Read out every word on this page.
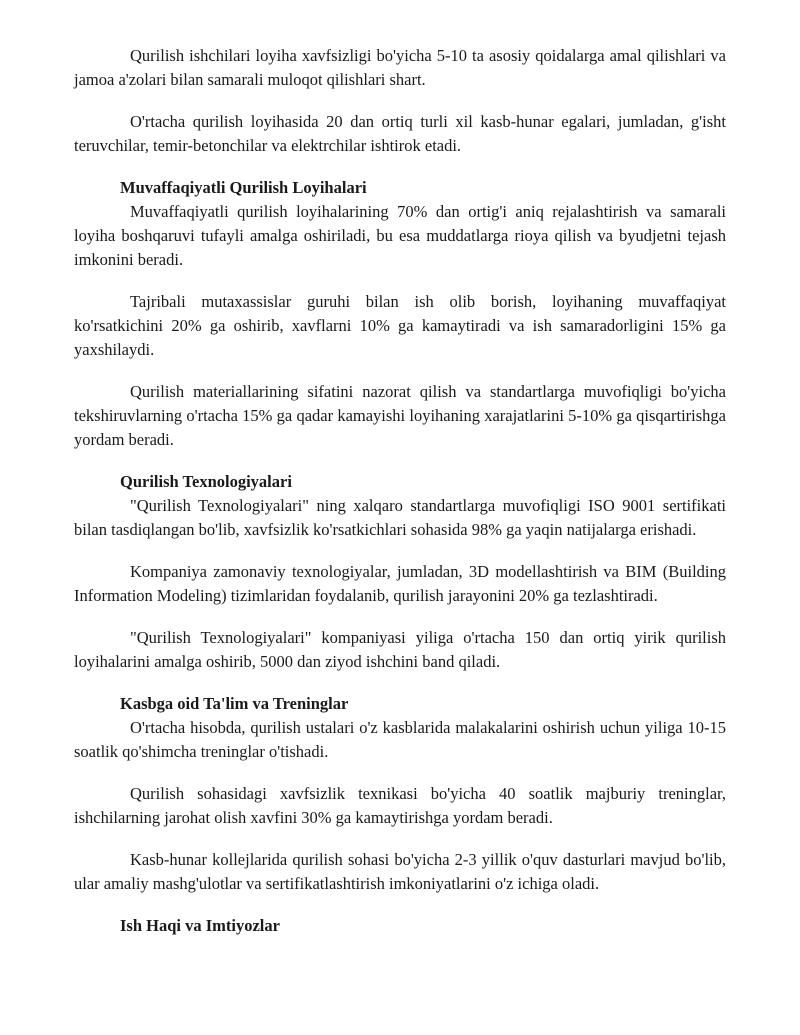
Qurilish ishchilari loyiha xavfsizligi bo'yicha 5-10 ta asosiy qoidalarga amal qilishlari va jamoa a'zolari bilan samarali muloqot qilishlari shart.

O'rtacha qurilish loyihasida 20 dan ortiq turli xil kasb-hunar egalari, jumladan, g'isht teruvchilar, temir-betonchilar va elektrchilar ishtirok etadi.

Muvaffaqiyatli Qurilish Loyihalari

Muvaffaqiyatli qurilish loyihalarining 70% dan ortig'i aniq rejalashtirish va samarali loyiha boshqaruvi tufayli amalga oshiriladi, bu esa muddatlarga rioya qilish va byudjetni tejash imkonini beradi.

Tajribali mutaxassislar guruhi bilan ish olib borish, loyihaning muvaffaqiyat ko'rsatkichini 20% ga oshirib, xavflarni 10% ga kamaytiradi va ish samaradorligini 15% ga yaxshilaydi.

Qurilish materiallarining sifatini nazorat qilish va standartlarga muvofiqligi bo'yicha tekshiruvlarning o'rtacha 15% ga qadar kamayishi loyihaning xarajatlarini 5-10% ga qisqartirishga yordam beradi.

Qurilish Texnologiyalari

"Qurilish Texnologiyalari" ning xalqaro standartlarga muvofiqligi ISO 9001 sertifikati bilan tasdiqlangan bo'lib, xavfsizlik ko'rsatkichlari sohasida 98% ga yaqin natijalarga erishadi.

Kompaniya zamonaviy texnologiyalar, jumladan, 3D modellashtirish va BIM (Building Information Modeling) tizimlaridan foydalanib, qurilish jarayonini 20% ga tezlashtiradi.

"Qurilish Texnologiyalari" kompaniyasi yiliga o'rtacha 150 dan ortiq yirik qurilish loyihalarini amalga oshirib, 5000 dan ziyod ishchini band qiladi.

Kasbga oid Ta'lim va Treninglar

O'rtacha hisobda, qurilish ustalari o'z kasblarida malakalarini oshirish uchun yiliga 10-15 soatlik qo'shimcha treninglar o'tishadi.

Qurilish sohasidagi xavfsizlik texnikasi bo'yicha 40 soatlik majburiy treninglar, ishchilarning jarohat olish xavfini 30% ga kamaytirishga yordam beradi.

Kasb-hunar kollejlarida qurilish sohasi bo'yicha 2-3 yillik o'quv dasturlari mavjud bo'lib, ular amaliy mashg'ulotlar va sertifikatlashtirish imkoniyatlarini o'z ichiga oladi.

Ish Haqi va Imtiyozlar
